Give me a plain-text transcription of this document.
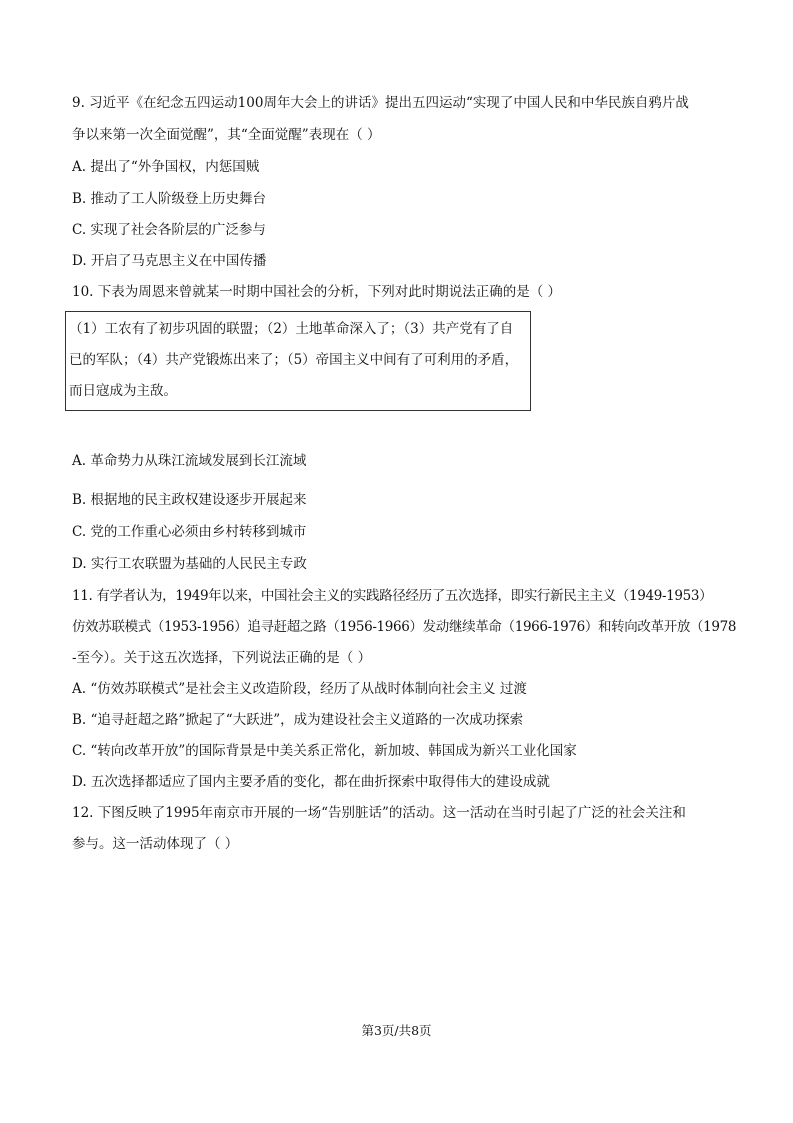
9. 习近平《在纪念五四运动100周年大会上的讲话》提出五四运动“实现了中国人民和中华民族自鸦片战
争以来第一次全面觉醒”，其“全面觉醒”表现在（ ）
A. 提出了“外争国权，内惩国贼
B. 推动了工人阶级登上历史舞台
C. 实现了社会各阶层的广泛参与
D. 开启了马克思主义在中国传播
10. 下表为周恩来曾就某一时期中国社会的分析，下列对此时期说法正确的是（ ）
（1）工农有了初步巩固的联盟；（2）土地革命深入了；（3）共产党有了自
已的军队；（4）共产党锻炼出来了；（5）帝国主义中间有了可利用的矛盾，
而日寇成为主敌。
A. 革命势力从珠江流域发展到长江流域
B. 根据地的民主政权建设逐步开展起来
C. 党的工作重心必须由乡村转移到城市
D. 实行工农联盟为基础的人民民主专政
11. 有学者认为，1949年以来，中国社会主义的实践路径经历了五次选择，即实行新民主主义（1949-1953）
仿效苏联模式（1953-1956）追寻赶超之路（1956-1966）发动继续革命（1966-1976）和转向改革开放（1978
-至今）。关于这五次选择，下列说法正确的是（ ）
A. “仿效苏联模式”是社会主义改造阶段，经历了从战时体制向社会主义 过渡
B. “追寻赶超之路”掀起了“大跃进”，成为建设社会主义道路的一次成功探索
C. “转向改革开放”的国际背景是中美关系正常化，新加坡、韩国成为新兴工业化国家
D. 五次选择都适应了国内主要矛盾的变化，都在曲折探索中取得伟大的建设成就
12. 下图反映了1995年南京市开展的一场“告别脏话”的活动。这一活动在当时引起了广泛的社会关注和
参与。这一活动体现了（ ）
第3页/共8页
